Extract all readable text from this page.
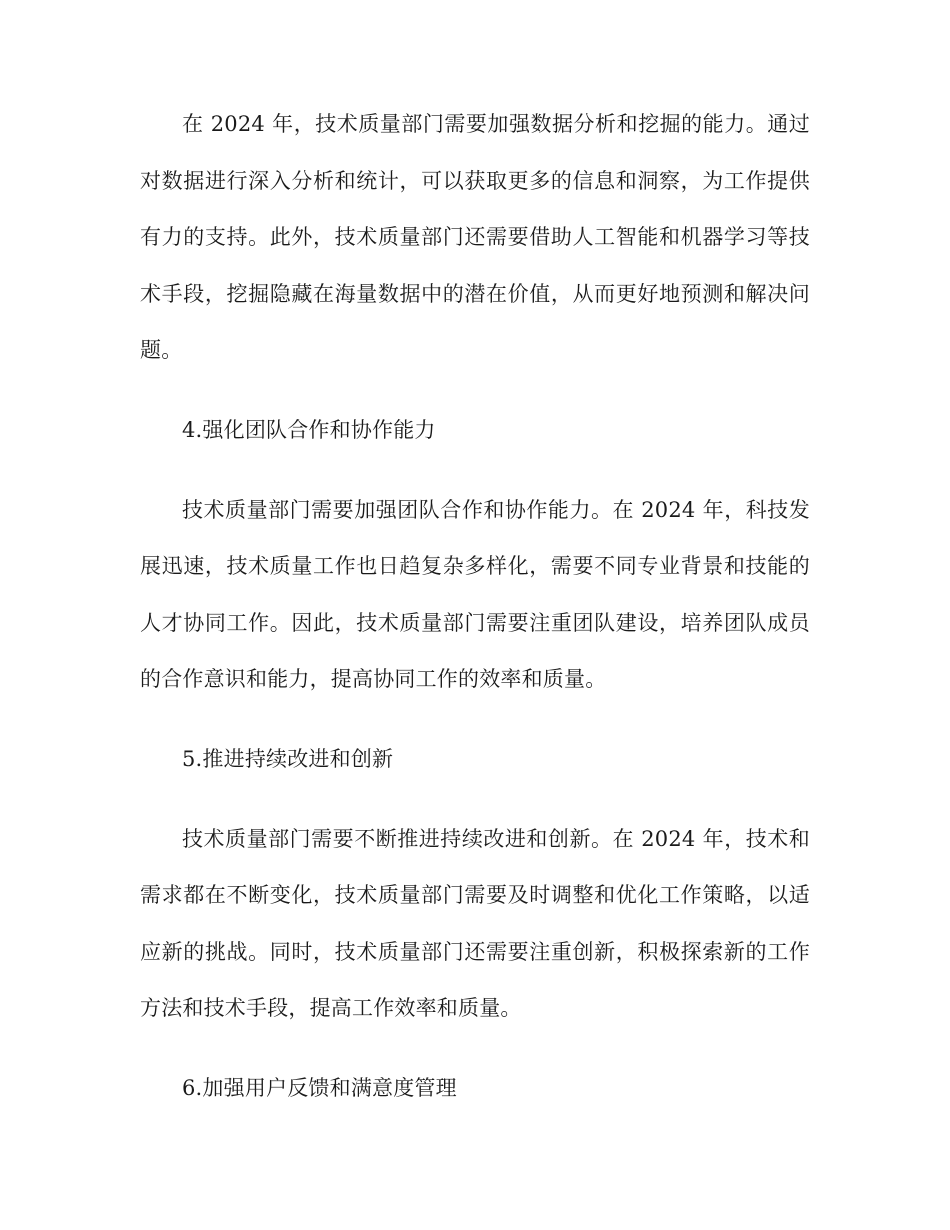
在 2024 年，技术质量部门需要加强数据分析和挖掘的能力。通过对数据进行深入分析和统计，可以获取更多的信息和洞察，为工作提供有力的支持。此外，技术质量部门还需要借助人工智能和机器学习等技术手段，挖掘隐藏在海量数据中的潜在价值，从而更好地预测和解决问题。

4.强化团队合作和协作能力

技术质量部门需要加强团队合作和协作能力。在 2024 年，科技发展迅速，技术质量工作也日趋复杂多样化，需要不同专业背景和技能的人才协同工作。因此，技术质量部门需要注重团队建设，培养团队成员的合作意识和能力，提高协同工作的效率和质量。

5.推进持续改进和创新

技术质量部门需要不断推进持续改进和创新。在 2024 年，技术和需求都在不断变化，技术质量部门需要及时调整和优化工作策略，以适应新的挑战。同时，技术质量部门还需要注重创新，积极探索新的工作方法和技术手段，提高工作效率和质量。

6.加强用户反馈和满意度管理
